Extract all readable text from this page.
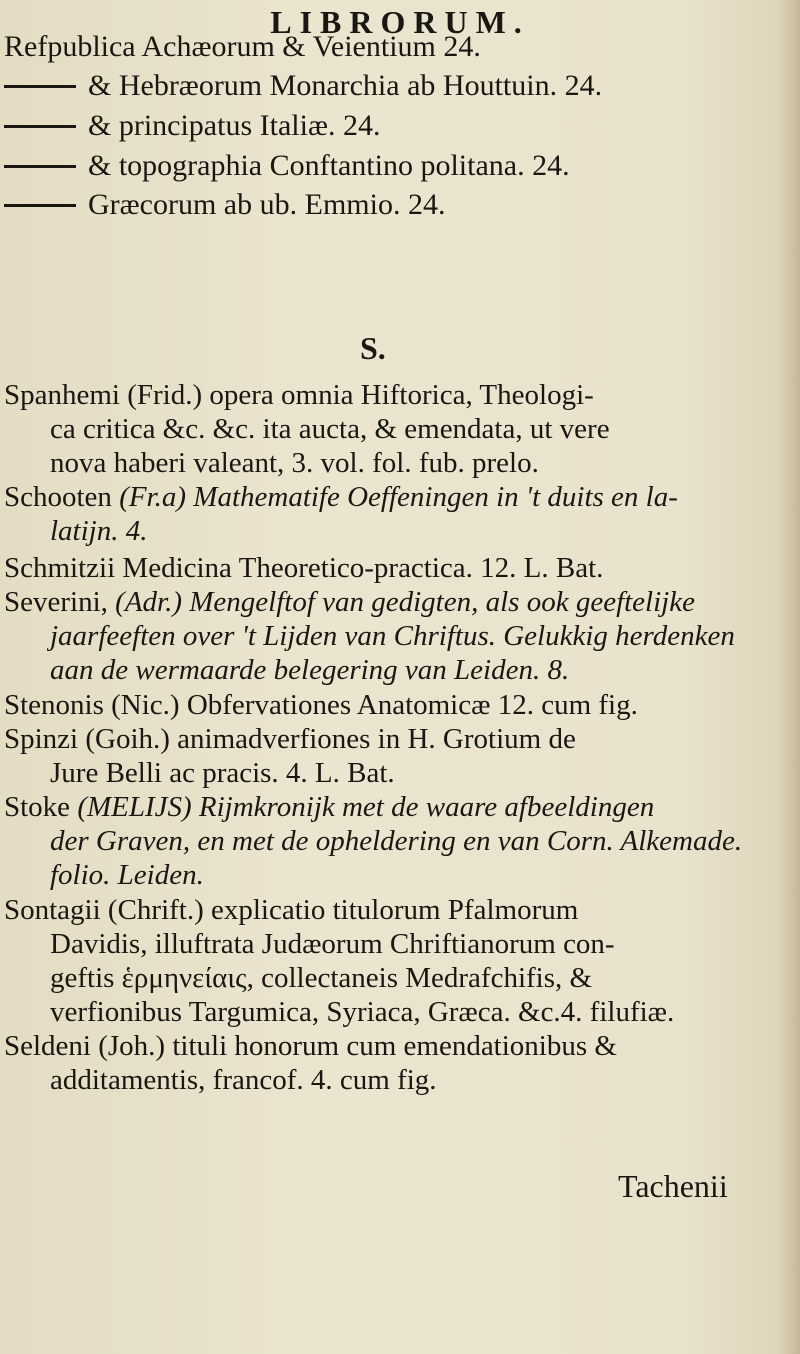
LIBRORUM.
Refpublica Achæorum & Veientium 24.
& Hebræorum Monarchia ab Houttuin. 24.
& principatus Italiæ. 24.
& topographia Conftantino politana. 24.
Græcorum ab ub. Emmio. 24.
S.

Spanhemi (Frid.) opera omnia Hiftorica, Theologi-

ca critica &c. &c. ita aucta, & emendata, ut vere

nova haberi valeant, 3. vol. fol. fub. prelo.

Schooten (Fr.a) Mathematife Oeffeningen in 't duits en la-

latijn. 4.

Schmitzii Medicina Theoretico-practica. 12. L. Bat.

Severini, (Adr.) Mengelftof van gedigten, als ook geeftelijke

jaarfeeften over 't Lijden van Chriftus. Gelukkig herdenken

aan de wermaarde belegering van Leiden. 8.

Stenonis (Nic.) Obfervationes Anatomicæ 12. cum fig.

Spinzi (Goih.) animadverfiones in H. Grotium de

Jure Belli ac pracis. 4. L. Bat.

Stoke (MELIJS) Rijmkronijk met de waare afbeeldingen

der Graven, en met de opheldering en van Corn. Alkemade.

folio. Leiden.

Sontagii (Chrift.) explicatio titulorum Pfalmorum

Davidis, illuftrata Judæorum Chriftianorum con-

geftis ἑρμηνείαις, collectaneis Medrafchifis, &

verfionibus Targumica, Syriaca, Græca. &c.4. filufiæ.

Seldeni (Joh.) tituli honorum cum emendationibus &

additamentis, francof. 4. cum fig.

Tachenii
